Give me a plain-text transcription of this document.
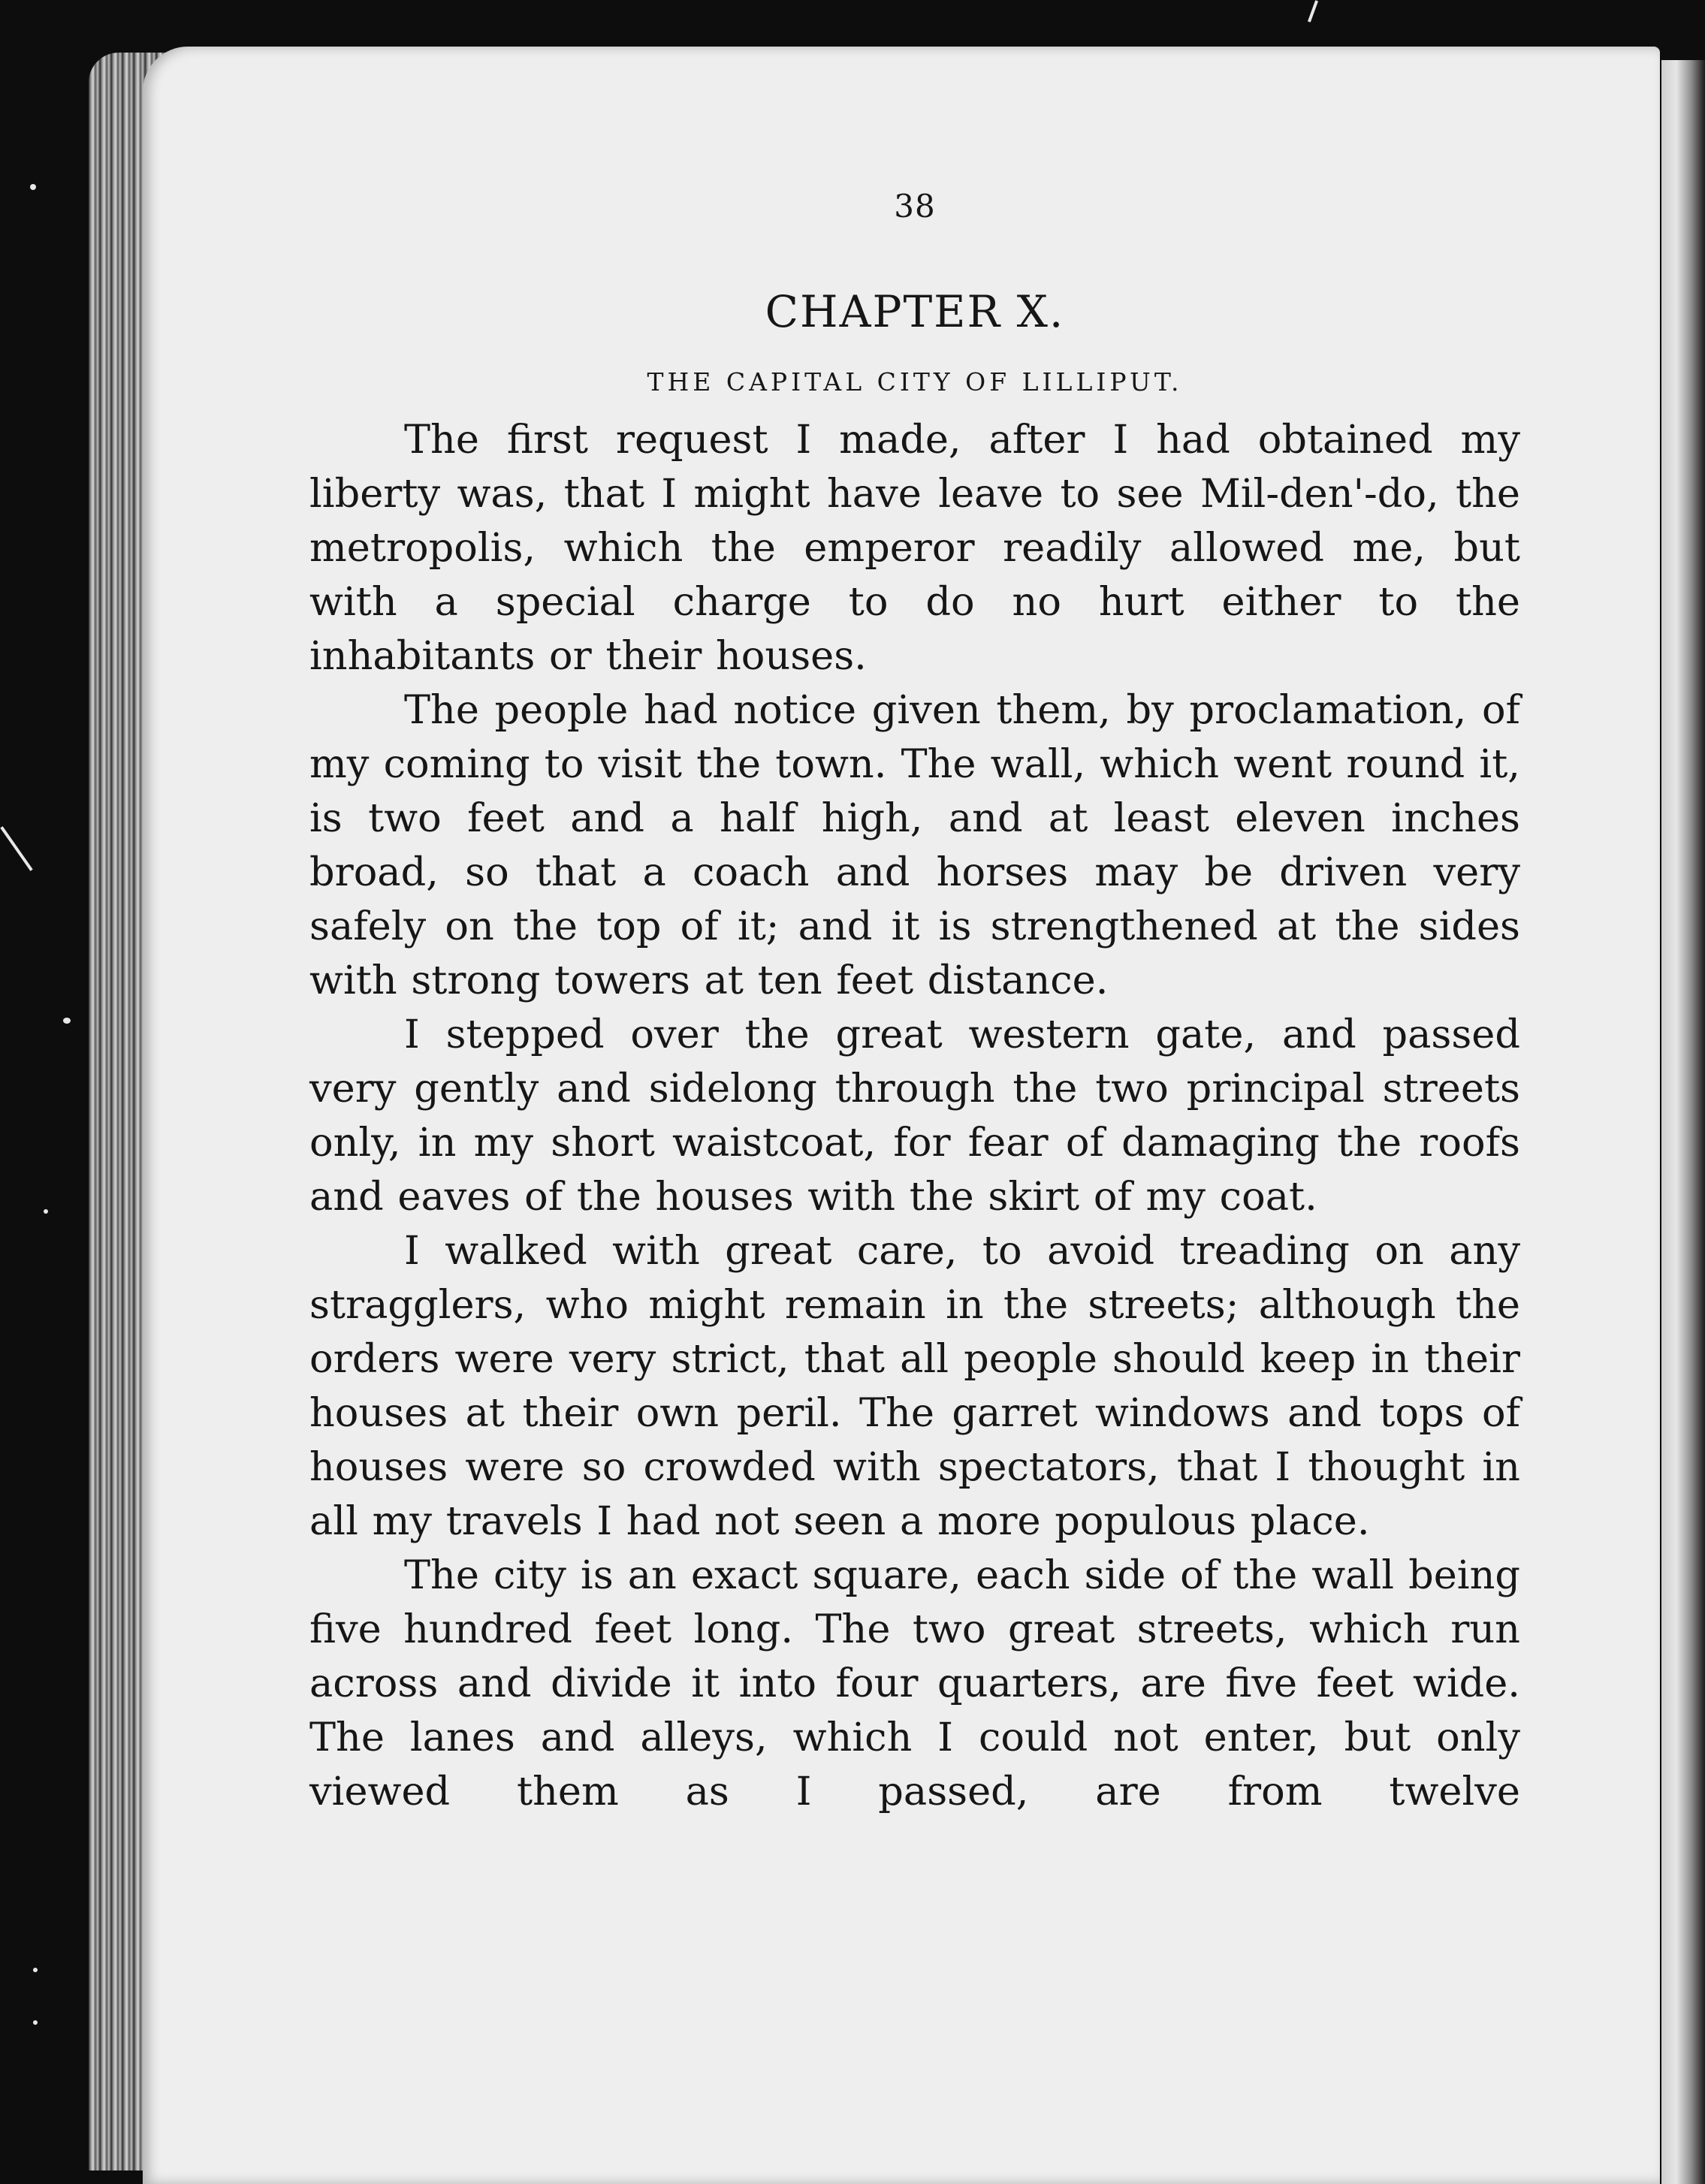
38
CHAPTER X.
THE CAPITAL CITY OF LILLIPUT.

The first request I made, after I had obtained my liberty was, that I might have leave to see Mil-den'-do, the metropolis, which the emperor readily allowed me, but with a special charge to do no hurt either to the inhabitants or their houses.

The people had notice given them, by proclamation, of my coming to visit the town. The wall, which went round it, is two feet and a half high, and at least eleven inches broad, so that a coach and horses may be driven very safely on the top of it; and it is strengthened at the sides with strong towers at ten feet distance.

I stepped over the great western gate, and passed very gently and sidelong through the two principal streets only, in my short waistcoat, for fear of damaging the roofs and eaves of the houses with the skirt of my coat.

I walked with great care, to avoid treading on any stragglers, who might remain in the streets; although the orders were very strict, that all people should keep in their houses at their own peril. The garret windows and tops of houses were so crowded with spectators, that I thought in all my travels I had not seen a more populous place.

The city is an exact square, each side of the wall being five hundred feet long. The two great streets, which run across and divide it into four quarters, are five feet wide. The lanes and alleys, which I could not enter, but only viewed them as I passed, are from twelve
